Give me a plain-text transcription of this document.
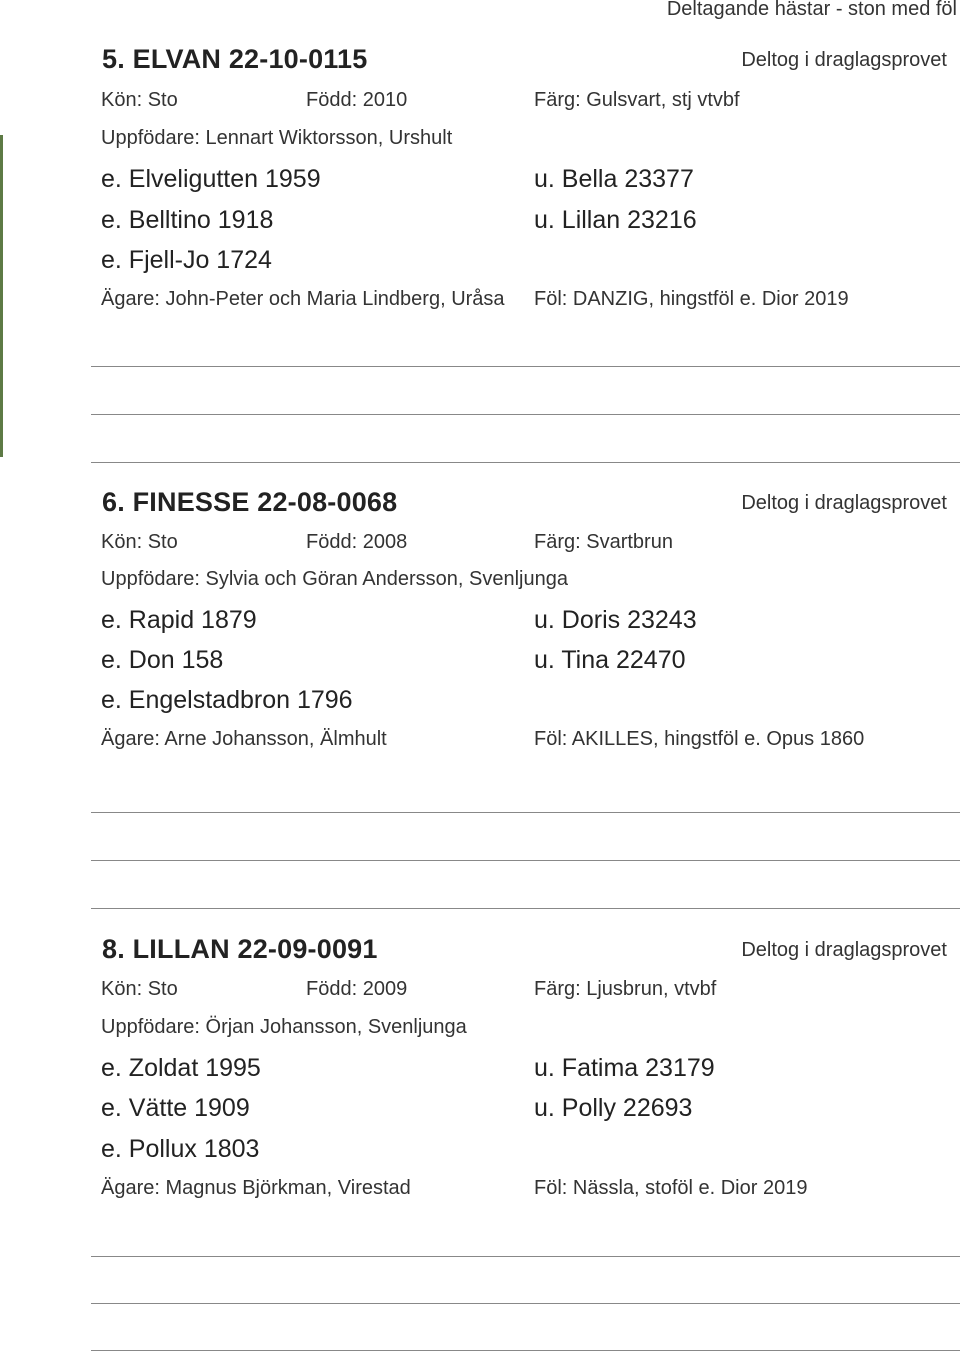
Deltagande hästar - ston med föl
5. ELVAN 22-10-0115	Deltog i draglagsprovet
Kön: Sto	Född: 2010	Färg: Gulsvart, stj vtvbf
Uppfödare: Lennart Wiktorsson, Urshult
e. Elveligutten 1959	u. Bella 23377
e. Belltino 1918	u. Lillan 23216
e. Fjell-Jo 1724
Ägare: John-Peter och Maria Lindberg, Uråsa Föl: DANZIG, hingstföl e. Dior 2019
6. FINESSE 22-08-0068	Deltog i draglagsprovet
Kön: Sto	Född: 2008	Färg: Svartbrun
Uppfödare: Sylvia och Göran Andersson, Svenljunga
e. Rapid 1879	u. Doris 23243
e. Don 158	u. Tina 22470
e. Engelstadbron 1796
Ägare: Arne Johansson, Älmhult	Föl: AKILLES, hingstföl e. Opus 1860
8. LILLAN 22-09-0091	Deltog i draglagsprovet
Kön: Sto	Född: 2009	Färg: Ljusbrun, vtvbf
Uppfödare: Örjan Johansson, Svenljunga
e. Zoldat 1995	u. Fatima 23179
e. Vätte 1909	u. Polly 22693
e. Pollux 1803
Ägare: Magnus Björkman, Virestad	Föl: Nässla, stoföl e. Dior 2019
